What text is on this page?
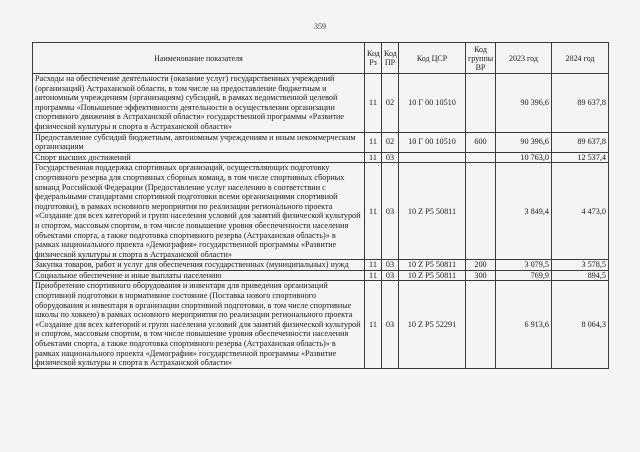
359
Наименование показателя	Код Рз	Код ПР	Код ЦСР	Код группы ВР	2023 год	2024 год
Расходы на обеспечение деятельности (оказание услуг) государственных учреждений (организаций) Астраханской области, в том числе на предоставление бюджетным и автономным учреждениям (организациям) субсидий, в рамках ведомственной целевой программы «Повышение эффективности деятельности в осуществлении организации спортивного движения в Астраханской области» государственной программы «Развитие физической культуры и спорта в Астраханской области»	11	02	10 Г 00 10510		90 396,6	89 637,8
Предоставление субсидий бюджетным, автономным учреждениям и иным некоммерческим организациям	11	02	10 Г 00 10510	600	90 396,6	89 637,8
Спорт высших достижений	11	03			10 763,0	12 537,4
Государственная поддержка спортивных организаций, осуществляющих подготовку спортивного резерва для спортивных сборных команд, в том числе спортивных сборных команд Российской Федерации (Предоставление услуг населению в соответствии с федеральными стандартами спортивной подготовки всеми организациями спортивной подготовки), в рамках основного мероприятия по реализации регионального проекта «Создание для всех категорий и групп населения условий для занятий физической культурой и спортом, массовым спортом, в том числе повышение уровня обеспеченности населения объектами спорта, а также подготовка спортивного резерва (Астраханская область)» в рамках национального проекта «Демография» государственной программы «Развитие физической культуры и спорта в Астраханской области»	11	03	10 Z P5 50811		3 849,4	4 473,0
Закупка товаров, работ и услуг для обеспечения государственных (муниципальных) нужд	11	03	10 Z P5 50811	200	3 079,5	3 578,5
Социальное обеспечение и иные выплаты населению	11	03	10 Z P5 50811	300	769,9	894,5
Приобретение спортивного оборудования и инвентаря для приведения организаций спортивной подготовки в нормативное состояние (Поставка нового спортивного оборудования и инвентаря в организации спортивной подготовки, в том числе спортивные школы по хоккею) в рамках основного мероприятия по реализации регионального проекта «Создание для всех категорий и групп населения условий для занятий физической культурой и спортом, массовым спортом, в том числе повышение уровня обеспеченности населения объектами спорта, а также подготовка спортивного резерва (Астраханская область)» в рамках национального проекта «Демография» государственной программы «Развитие физической культуры и спорта в Астраханской области»	11	03	10 Z P5 52291		6 913,6	8 064,3
